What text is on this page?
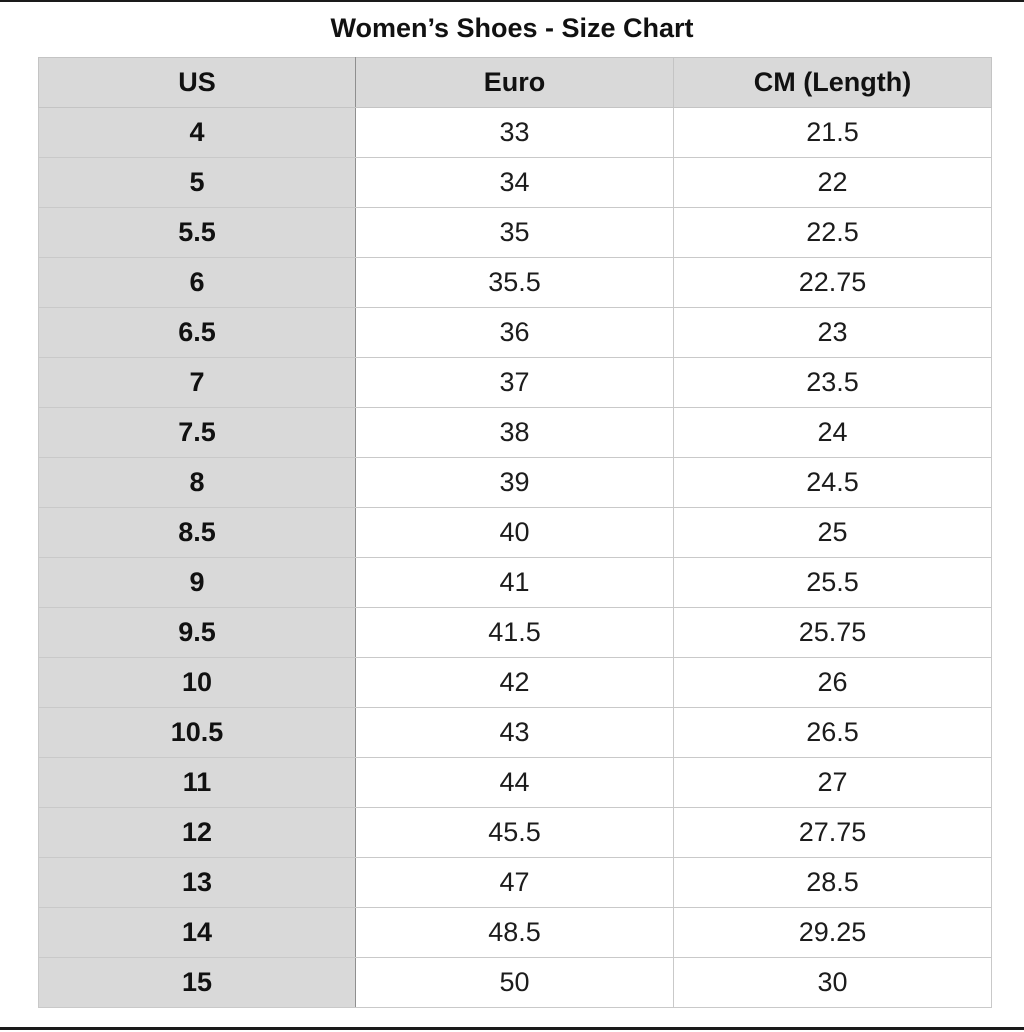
Women’s Shoes - Size Chart
US	Euro	CM (Length)
4	33	21.5
5	34	22
5.5	35	22.5
6	35.5	22.75
6.5	36	23
7	37	23.5
7.5	38	24
8	39	24.5
8.5	40	25
9	41	25.5
9.5	41.5	25.75
10	42	26
10.5	43	26.5
11	44	27
12	45.5	27.75
13	47	28.5
14	48.5	29.25
15	50	30
